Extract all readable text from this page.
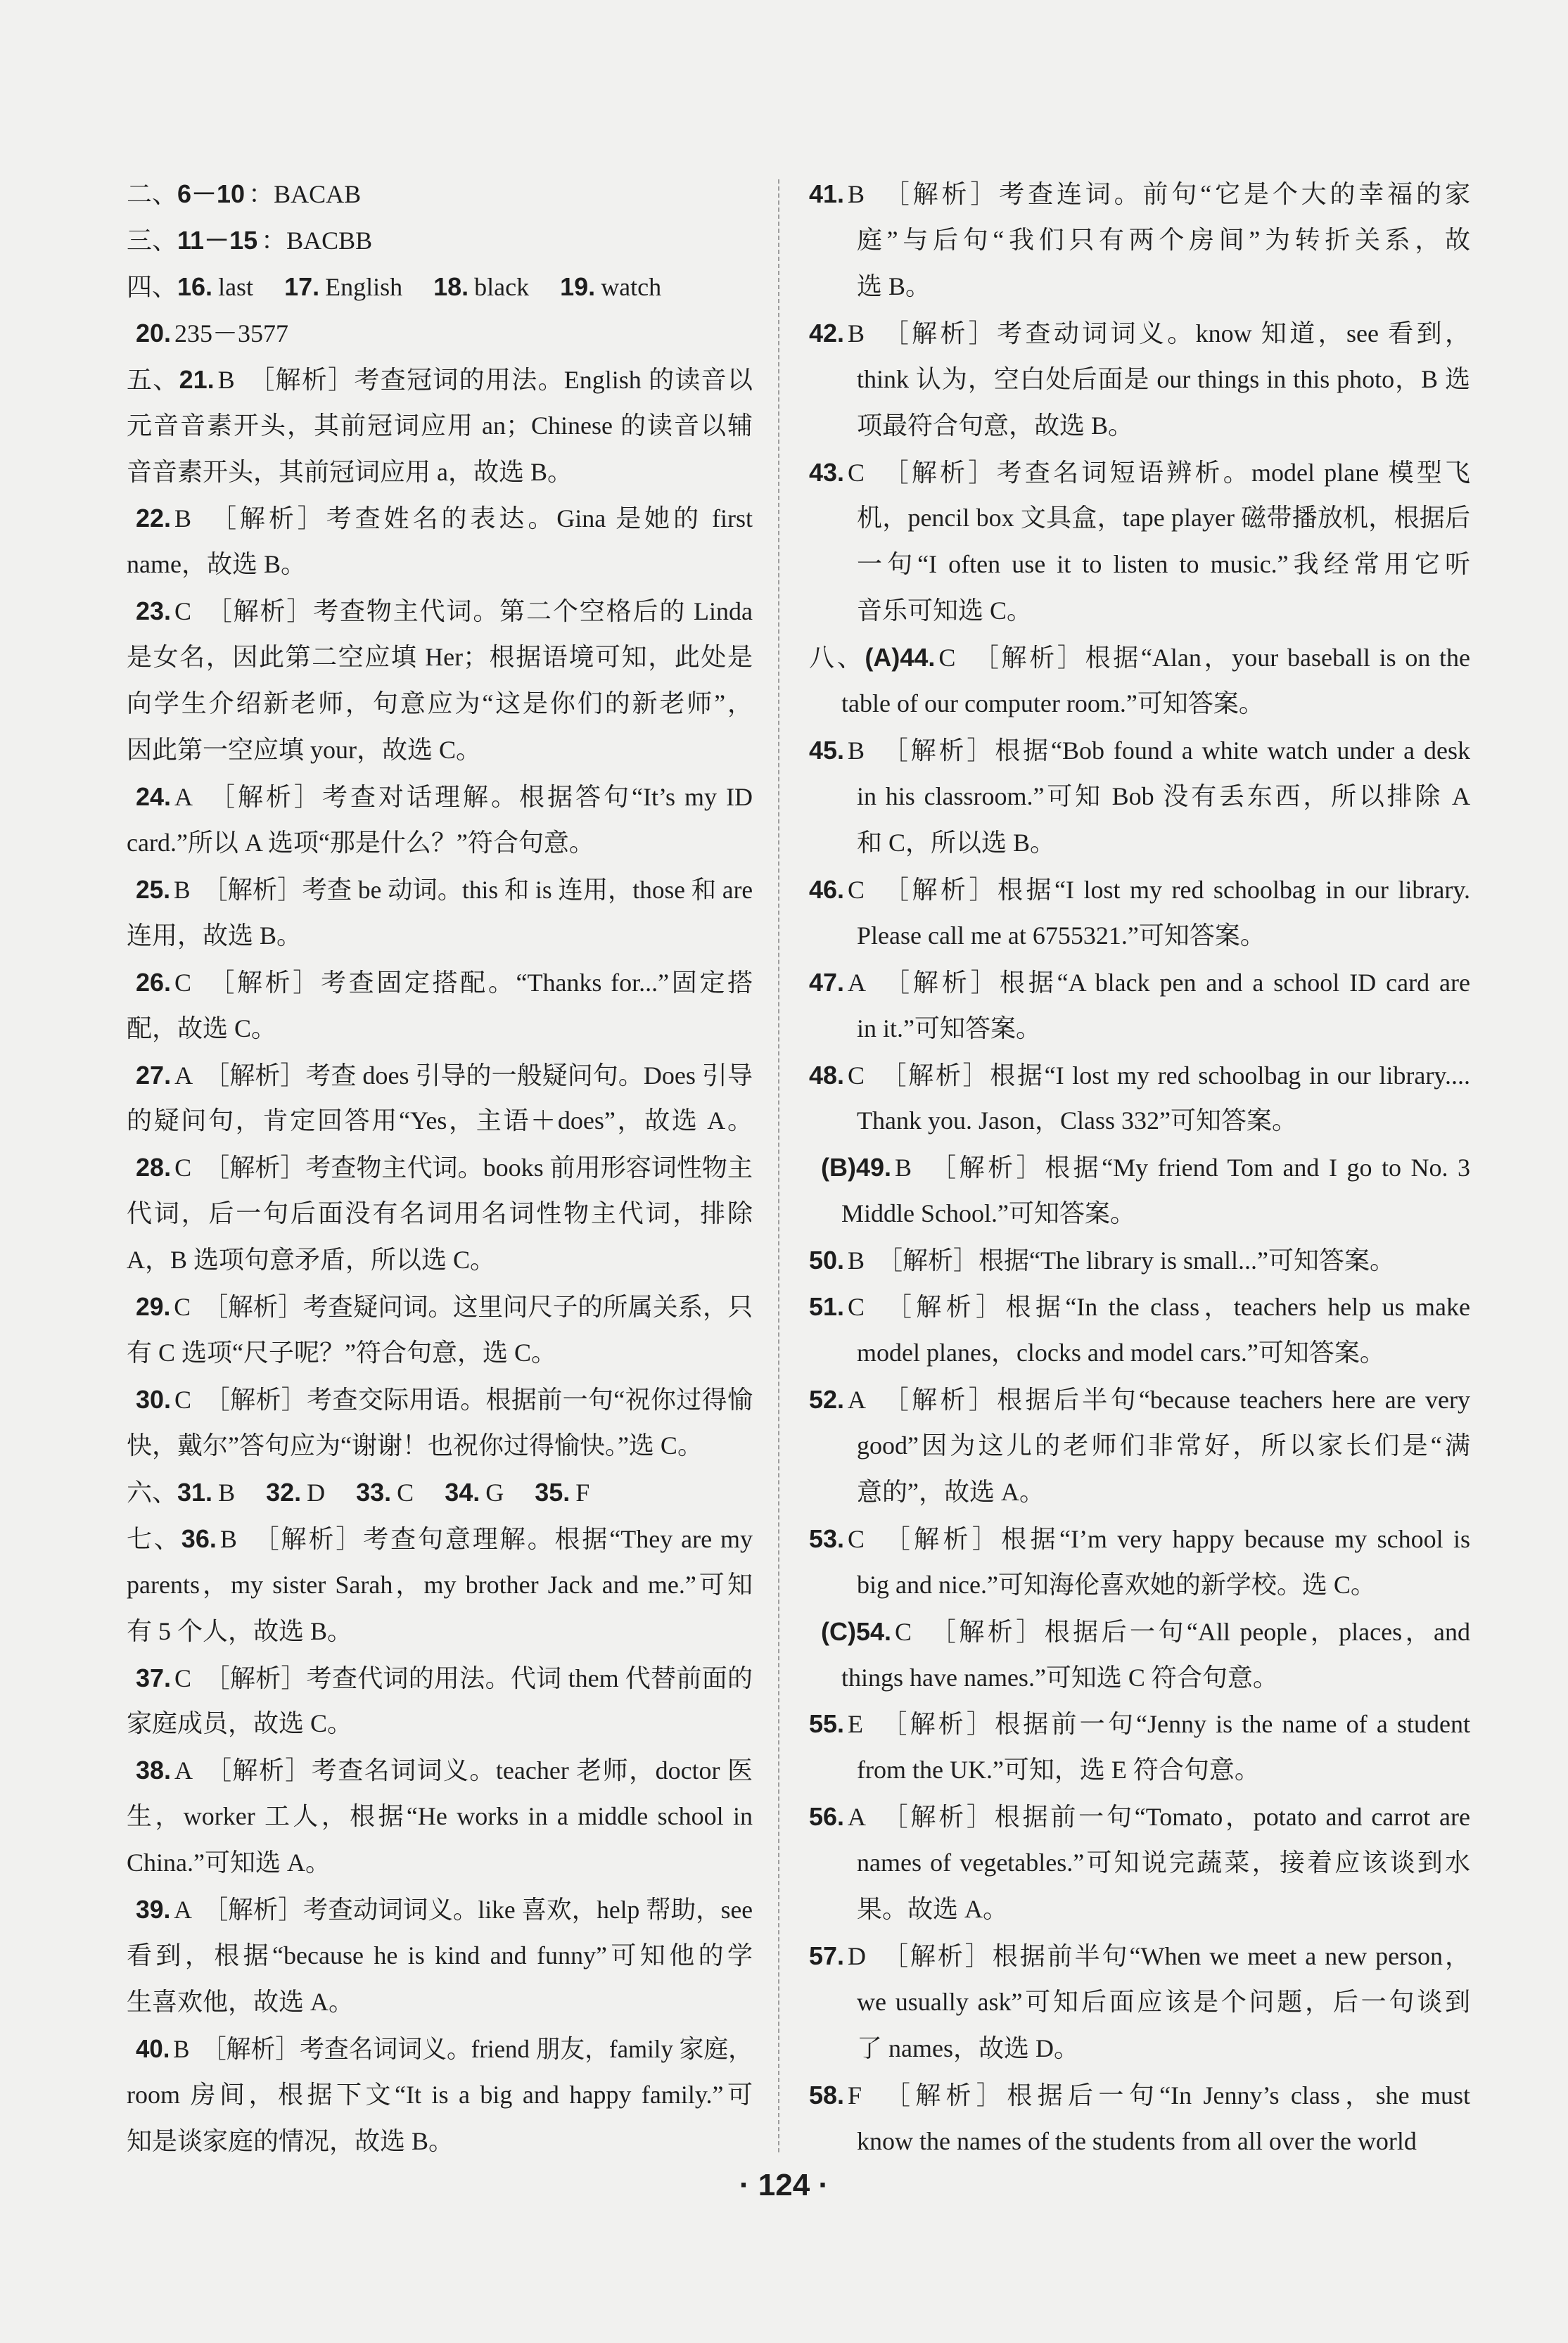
二、6－10 ：BACAB
三、11－15 ：BACBB
四、16. last 17. English 18. black 19. watch
20. 235－3577
五、21. B　［解析］考查冠词的用法。English 的读音以
元音音素开头，其前冠词应用 an；Chinese 的读音以辅
音音素开头，其前冠词应用 a，故选 B。
22. B　［解析］考查姓名的表达。Gina 是她的 first
name，故选 B。
23. C　［解析］考查物主代词。第二个空格后的 Linda
是女名，因此第二空应填 Her；根据语境可知，此处是
向学生介绍新老师，句意应为“这是你们的新老师”，
因此第一空应填 your，故选 C。
24. A　［解析］考查对话理解。根据答句“It’s my ID
card.”所以 A 选项“那是什么？”符合句意。
25. B　［解析］考查 be 动词。this 和 is 连用，those 和 are
连用，故选 B。
26. C　［解析］考查固定搭配。“Thanks for...”固定搭
配，故选 C。
27. A　［解析］考查 does 引导的一般疑问句。Does 引导
的疑问句，肯定回答用“Yes，主语＋does”，故选 A。
28. C　［解析］考查物主代词。books 前用形容词性物主
代词，后一句后面没有名词用名词性物主代词，排除
A，B 选项句意矛盾，所以选 C。
29. C　［解析］考查疑问词。这里问尺子的所属关系，只
有 C 选项“尺子呢？”符合句意，选 C。
30. C　［解析］考查交际用语。根据前一句“祝你过得愉
快，戴尔”答句应为“谢谢！也祝你过得愉快。”选 C。
六、31. B 32. D 33. C 34. G 35. F
七、36. B　［解析］考查句意理解。根据“They are my
parents，my sister Sarah，my brother Jack and me.”可知
有 5 个人，故选 B。
37. C　［解析］考查代词的用法。代词 them 代替前面的
家庭成员，故选 C。
38. A　［解析］考查名词词义。teacher 老师，doctor 医
生，worker 工人，根据“He works in a middle school in
China.”可知选 A。
39. A　［解析］考查动词词义。like 喜欢，help 帮助，see
看到，根据“because he is kind and funny”可知他的学
生喜欢他，故选 A。
40. B　［解析］考查名词词义。friend 朋友，family 家庭，
room 房间，根据下文“It is a big and happy family.”可
知是谈家庭的情况，故选 B。
41. B　［解析］考查连词。前句“它是个大的幸福的家
庭”与后句“我们只有两个房间”为转折关系，故
选 B。
42. B　［解析］考查动词词义。know 知道，see 看到，
think 认为，空白处后面是 our things in this photo，B 选
项最符合句意，故选 B。
43. C　［解析］考查名词短语辨析。model plane 模型飞
机，pencil box 文具盒，tape player 磁带播放机，根据后
一句“I often use it to listen to music.”我经常用它听
音乐可知选 C。
八、(A)44. C　［解析］根据“Alan，your baseball is on the
table of our computer room.”可知答案。
45. B　［解析］根据“Bob found a white watch under a desk
in his classroom.”可知 Bob 没有丢东西，所以排除 A
和 C，所以选 B。
46. C　［解析］根据“I lost my red schoolbag in our library.
Please call me at 6755321.”可知答案。
47. A　［解析］根据“A black pen and a school ID card are
in it.”可知答案。
48. C　［解析］根据“I lost my red schoolbag in our library....
Thank you. Jason，Class 332”可知答案。
(B)49. B　［解析］根据“My friend Tom and I go to No. 3
Middle School.”可知答案。
50. B　［解析］根据“The library is small...”可知答案。
51. C　［解析］根据“In the class，teachers help us make
model planes，clocks and model cars.”可知答案。
52. A　［解析］根据后半句“because teachers here are very
good”因为这儿的老师们非常好，所以家长们是“满
意的”，故选 A。
53. C　［解析］根据“I’m very happy because my school is
big and nice.”可知海伦喜欢她的新学校。选 C。
(C)54. C　［解析］根据后一句“All people，places，and
things have names.”可知选 C 符合句意。
55. E　［解析］根据前一句“Jenny is the name of a student
from the UK.”可知，选 E 符合句意。
56. A　［解析］根据前一句“Tomato，potato and carrot are
names of vegetables.”可知说完蔬菜，接着应该谈到水
果。故选 A。
57. D　［解析］根据前半句“When we meet a new person，
we usually ask”可知后面应该是个问题，后一句谈到
了 names，故选 D。
58. F　［解析］根据后一句“In Jenny’s class，she must
know the names of the students from all over the world
· 124 ·
